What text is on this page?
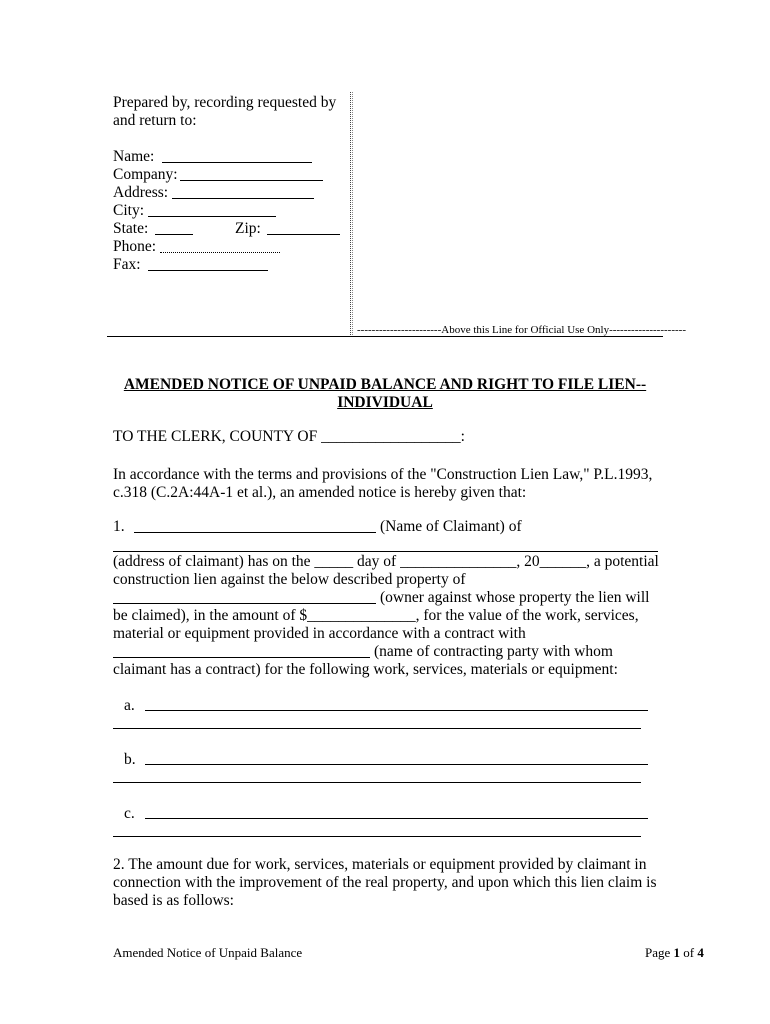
Prepared by, recording requested by
and return to:
Name:
Company:
Address:
City:
State:	Zip:
Phone:
Fax:
-----------------------Above this Line for Official Use Only---------------------
AMENDED NOTICE OF UNPAID BALANCE AND RIGHT TO FILE LIEN--
INDIVIDUAL
TO THE CLERK, COUNTY OF __________________:
In accordance with the terms and provisions of the "Construction Lien Law," P.L.1993,
c.318 (C.2A:44A-1 et al.), an amended notice is hereby given that:
1.	(Name of Claimant) of
(address of claimant) has on the _____ day of _______________, 20______, a potential
construction lien against the below described property of
(owner against whose property the lien will
be claimed), in the amount of $______________, for the value of the work, services,
material or equipment provided in accordance with a contract with
(name of contracting party with whom
claimant has a contract) for the following work, services, materials or equipment:
a.
b.
c.
2. The amount due for work, services, materials or equipment provided by claimant in
connection with the improvement of the real property, and upon which this lien claim is
based is as follows:
Amended Notice of Unpaid Balance	Page 1 of 4
